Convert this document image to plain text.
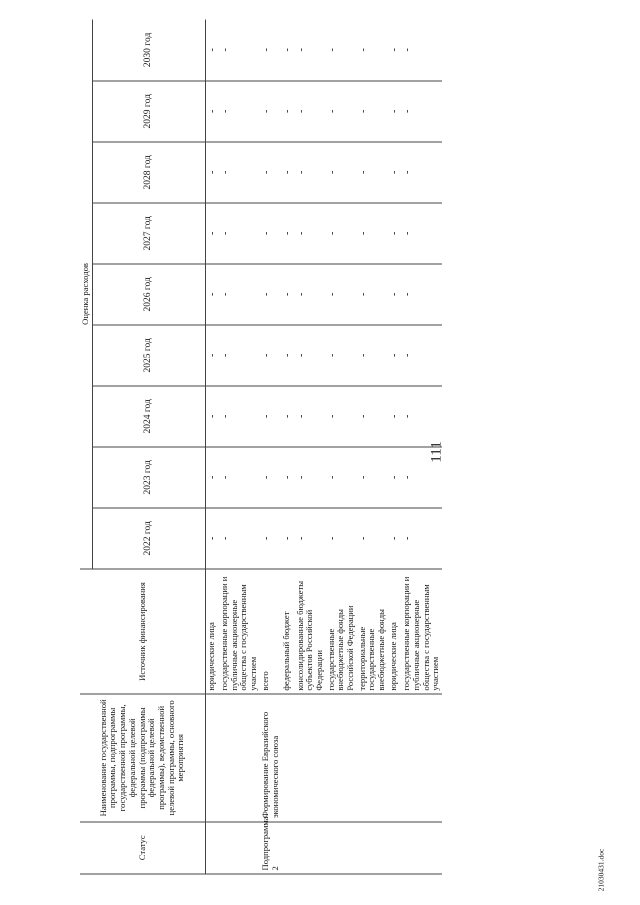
111
21030431.doc
Статус	Наименование государственной программы, подпрограммы государственной программы, федеральной целевой программы (подпрограммы федеральной целевой программы), ведомственной целевой программы, основного мероприятия	Источник финансирования	Оценка расходов								
			2022 год	2023 год	2024 год	2025 год	2026 год	2027 год	2028 год	2029 год	2030 год
		юридические лица	-	-	-	-	-	-	-	-	-
		государственные корпорации и публичные акционерные общества с государственным участием	-	-	-	-	-	-	-	-	-
Подпрограмма 2	Формирование Евразийского экономического союза	всего	-	-	-	-	-	-	-	-	-
		федеральный бюджет	-	-	-	-	-	-	-	-	-
		консолидированные бюджеты субъектов Российской Федерации	-	-	-	-	-	-	-	-	-
		государственные внебюджетные фонды Российской Федерации	-	-	-	-	-	-	-	-	-
		территориальные государственные внебюджетные фонды	-	-	-	-	-	-	-	-	-
		юридические лица	-	-	-	-	-	-	-	-	-
		государственные корпорации и публичные акционерные общества с государственным участием	-	-	-	-	-	-	-	-	-
